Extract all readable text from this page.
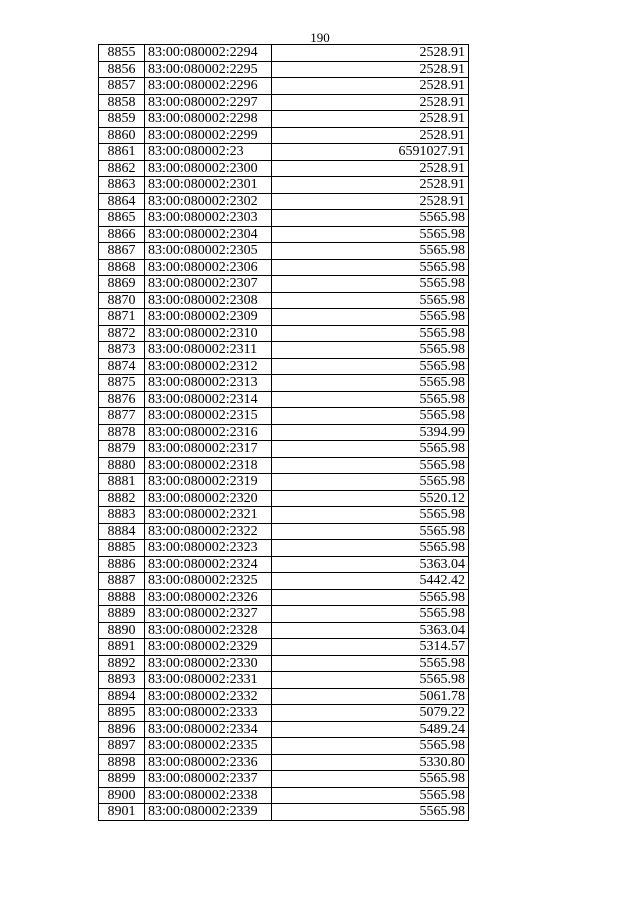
190
8855	83:00:080002:2294	2528.91
8856	83:00:080002:2295	2528.91
8857	83:00:080002:2296	2528.91
8858	83:00:080002:2297	2528.91
8859	83:00:080002:2298	2528.91
8860	83:00:080002:2299	2528.91
8861	83:00:080002:23	6591027.91
8862	83:00:080002:2300	2528.91
8863	83:00:080002:2301	2528.91
8864	83:00:080002:2302	2528.91
8865	83:00:080002:2303	5565.98
8866	83:00:080002:2304	5565.98
8867	83:00:080002:2305	5565.98
8868	83:00:080002:2306	5565.98
8869	83:00:080002:2307	5565.98
8870	83:00:080002:2308	5565.98
8871	83:00:080002:2309	5565.98
8872	83:00:080002:2310	5565.98
8873	83:00:080002:2311	5565.98
8874	83:00:080002:2312	5565.98
8875	83:00:080002:2313	5565.98
8876	83:00:080002:2314	5565.98
8877	83:00:080002:2315	5565.98
8878	83:00:080002:2316	5394.99
8879	83:00:080002:2317	5565.98
8880	83:00:080002:2318	5565.98
8881	83:00:080002:2319	5565.98
8882	83:00:080002:2320	5520.12
8883	83:00:080002:2321	5565.98
8884	83:00:080002:2322	5565.98
8885	83:00:080002:2323	5565.98
8886	83:00:080002:2324	5363.04
8887	83:00:080002:2325	5442.42
8888	83:00:080002:2326	5565.98
8889	83:00:080002:2327	5565.98
8890	83:00:080002:2328	5363.04
8891	83:00:080002:2329	5314.57
8892	83:00:080002:2330	5565.98
8893	83:00:080002:2331	5565.98
8894	83:00:080002:2332	5061.78
8895	83:00:080002:2333	5079.22
8896	83:00:080002:2334	5489.24
8897	83:00:080002:2335	5565.98
8898	83:00:080002:2336	5330.80
8899	83:00:080002:2337	5565.98
8900	83:00:080002:2338	5565.98
8901	83:00:080002:2339	5565.98
